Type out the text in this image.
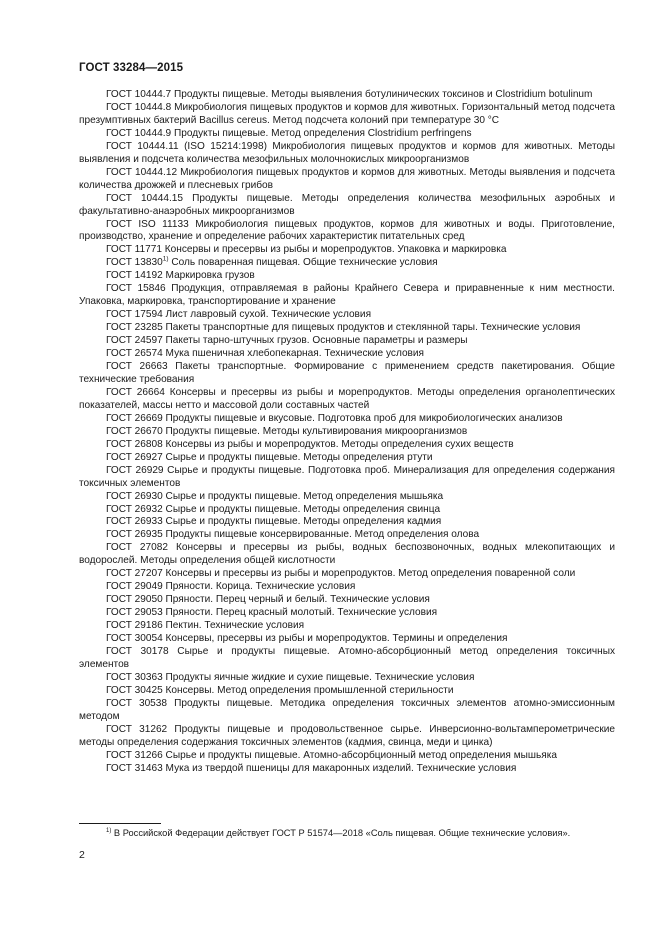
ГОСТ 33284—2015

ГОСТ 10444.7 Продукты пищевые. Методы выявления ботулинических токсинов и Clostridium botulinum

ГОСТ 10444.8 Микробиология пищевых продуктов и кормов для животных. Горизонтальный метод подсчета презумптивных бактерий Bacillus cereus. Метод подсчета колоний при температуре 30 °С

ГОСТ 10444.9 Продукты пищевые. Метод определения Clostridium perfringens

ГОСТ 10444.11 (ISO 15214:1998) Микробиология пищевых продуктов и кормов для животных. Методы выявления и подсчета количества мезофильных молочнокислых микроорганизмов

ГОСТ 10444.12 Микробиология пищевых продуктов и кормов для животных. Методы выявления и подсчета количества дрожжей и плесневых грибов

ГОСТ 10444.15 Продукты пищевые. Методы определения количества мезофильных аэробных и факультативно-анаэробных микроорганизмов

ГОСТ ISO 11133 Микробиология пищевых продуктов, кормов для животных и воды. Приготовление, производство, хранение и определение рабочих характеристик питательных сред

ГОСТ 11771 Консервы и пресервы из рыбы и морепродуктов. Упаковка и маркировка

ГОСТ 13830$^{1)}$ Соль поваренная пищевая. Общие технические условия

ГОСТ 14192 Маркировка грузов

ГОСТ 15846 Продукция, отправляемая в районы Крайнего Севера и приравненные к ним местности. Упаковка, маркировка, транспортирование и хранение

ГОСТ 17594 Лист лавровый сухой. Технические условия

ГОСТ 23285 Пакеты транспортные для пищевых продуктов и стеклянной тары. Технические условия

ГОСТ 24597 Пакеты тарно-штучных грузов. Основные параметры и размеры

ГОСТ 26574 Мука пшеничная хлебопекарная. Технические условия

ГОСТ 26663 Пакеты транспортные. Формирование с применением средств пакетирования. Общие технические требования

ГОСТ 26664 Консервы и пресервы из рыбы и морепродуктов. Методы определения органолептических показателей, массы нетто и массовой доли составных частей

ГОСТ 26669 Продукты пищевые и вкусовые. Подготовка проб для микробиологических анализов

ГОСТ 26670 Продукты пищевые. Методы культивирования микроорганизмов

ГОСТ 26808 Консервы из рыбы и морепродуктов. Методы определения сухих веществ

ГОСТ 26927 Сырье и продукты пищевые. Методы определения ртути

ГОСТ 26929 Сырье и продукты пищевые. Подготовка проб. Минерализация для определения содержания токсичных элементов

ГОСТ 26930 Сырье и продукты пищевые. Метод определения мышьяка

ГОСТ 26932 Сырье и продукты пищевые. Методы определения свинца

ГОСТ 26933 Сырье и продукты пищевые. Методы определения кадмия

ГОСТ 26935 Продукты пищевые консервированные. Метод определения олова

ГОСТ 27082 Консервы и пресервы из рыбы, водных беспозвоночных, водных млекопитающих и водорослей. Методы определения общей кислотности

ГОСТ 27207 Консервы и пресервы из рыбы и морепродуктов. Метод определения поваренной соли

ГОСТ 29049 Пряности. Корица. Технические условия

ГОСТ 29050 Пряности. Перец черный и белый. Технические условия

ГОСТ 29053 Пряности. Перец красный молотый. Технические условия

ГОСТ 29186 Пектин. Технические условия

ГОСТ 30054 Консервы, пресервы из рыбы и морепродуктов. Термины и определения

ГОСТ 30178 Сырье и продукты пищевые. Атомно-абсорбционный метод определения токсичных элементов

ГОСТ 30363 Продукты яичные жидкие и сухие пищевые. Технические условия

ГОСТ 30425 Консервы. Метод определения промышленной стерильности

ГОСТ 30538 Продукты пищевые. Методика определения токсичных элементов атомно-эмиссионным методом

ГОСТ 31262 Продукты пищевые и продовольственное сырье. Инверсионно-вольтамперометрические методы определения содержания токсичных элементов (кадмия, свинца, меди и цинка)

ГОСТ 31266 Сырье и продукты пищевые. Атомно-абсорбционный метод определения мышьяка

ГОСТ 31463 Мука из твердой пшеницы для макаронных изделий. Технические условия

$^{1)}$ В Российской Федерации действует ГОСТ Р 51574—2018 «Соль пищевая. Общие технические условия».

2
